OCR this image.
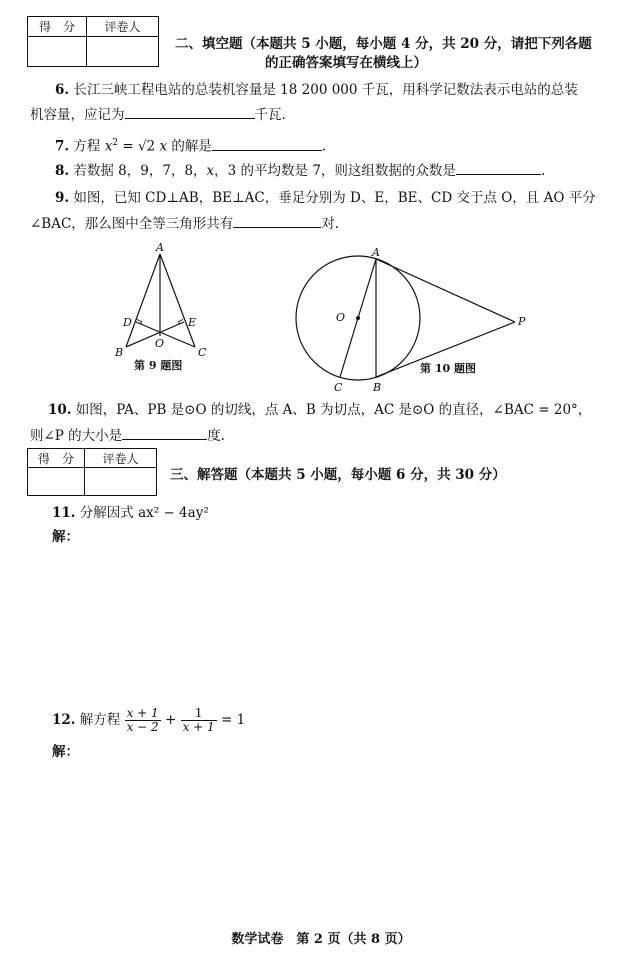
得　分	评卷人

二、填空题（本题共 5 小题，每小题 4 分，共 20 分，请把下列各题
的正确答案填写在横线上）
6. 长江三峡工程电站的总装机容量是 18 200 000 千瓦，用科学记数法表示电站的总装
机容量，应记为	千瓦.
7. 方程 $x^2 = √2$ x 的解是	.
8. 若数据 8，9，7，8，x，3 的平均数是 7，则这组数据的众数是	.
9. 如图，已知 CD⊥AB，BE⊥AC，垂足分别为 D、E，BE、CD 交于点 O，且 AO 平分
∠BAC，那么图中全等三角形共有	对.
A
B	C
D	E
O
第 9 题图
A
O	P
C	B
第 10 题图
10. 如图，PA、PB 是⊙O 的切线，点 A、B 为切点，AC 是⊙O 的直径，∠BAC = 20°，
则∠P 的大小是	度.
得　分	评卷人

三、解答题（本题共 5 小题，每小题 6 分，共 30 分）
11. 分解因式 ax² − 4ay²
解：
12. 解方程 $\frac{x + 1}{x - 2} + \frac{1}{x + 1} = 1$
解：
数学试卷　第 2 页（共 8 页）
